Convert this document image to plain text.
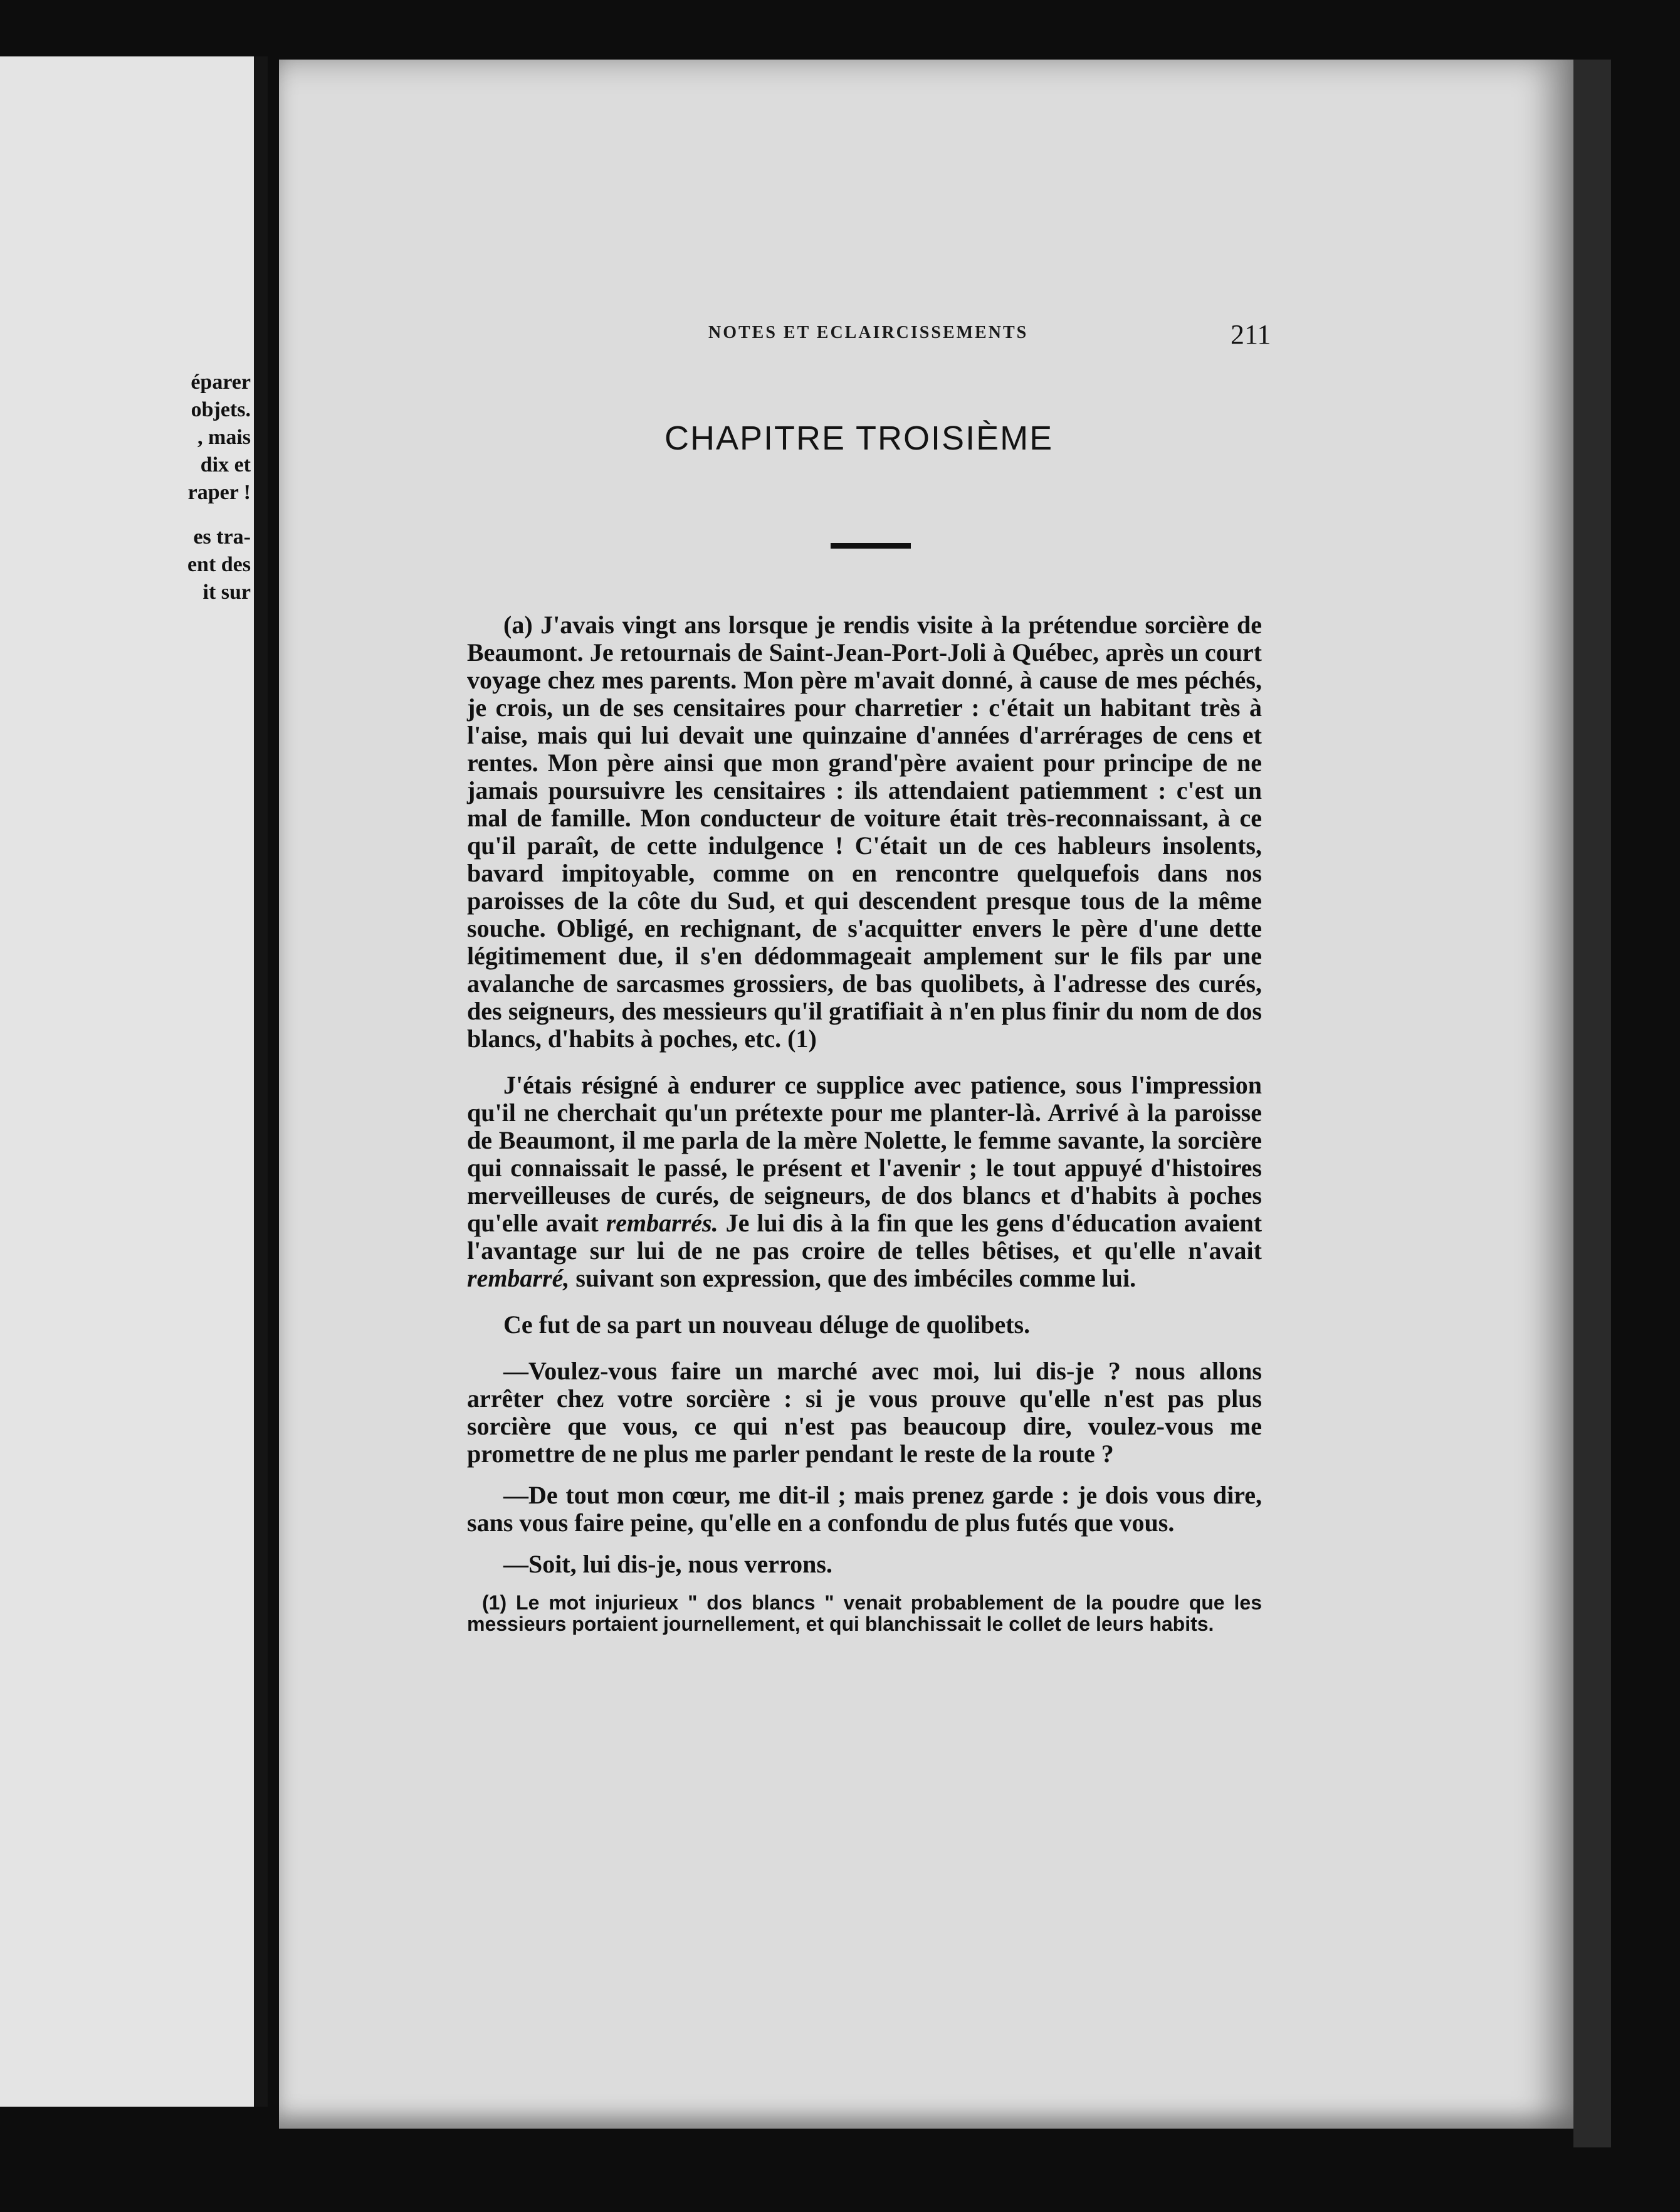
éparer
objets.
, mais
dix et
raper !
es tra-
ent des
it sur
NOTES ET ECLAIRCISSEMENTS	211
CHAPITRE TROISIÈME

(a) J'avais vingt ans lorsque je rendis visite à la prétendue sorcière de Beaumont. Je retournais de Saint-Jean-Port-Joli à Québec, après un court voyage chez mes parents. Mon père m'avait donné, à cause de mes péchés, je crois, un de ses censitaires pour charretier : c'était un habitant très à l'aise, mais qui lui devait une quinzaine d'années d'arrérages de cens et rentes. Mon père ainsi que mon grand'père avaient pour principe de ne jamais poursuivre les censitaires : ils attendaient patiemment : c'est un mal de famille. Mon conducteur de voiture était très-reconnaissant, à ce qu'il paraît, de cette indulgence ! C'était un de ces hableurs insolents, bavard impitoyable, comme on en rencontre quelquefois dans nos paroisses de la côte du Sud, et qui descendent presque tous de la même souche. Obligé, en rechignant, de s'acquitter envers le père d'une dette légitimement due, il s'en dédommageait amplement sur le fils par une avalanche de sarcasmes grossiers, de bas quolibets, à l'adresse des curés, des seigneurs, des messieurs qu'il gratifiait à n'en plus finir du nom de dos blancs, d'habits à poches, etc. (1)

J'étais résigné à endurer ce supplice avec patience, sous l'impression qu'il ne cherchait qu'un prétexte pour me planter-là. Arrivé à la paroisse de Beaumont, il me parla de la mère Nolette, le femme savante, la sorcière qui connaissait le passé, le présent et l'avenir ; le tout appuyé d'histoires merveilleuses de curés, de seigneurs, de dos blancs et d'habits à poches qu'elle avait rembarrés. Je lui dis à la fin que les gens d'éducation avaient l'avantage sur lui de ne pas croire de telles bêtises, et qu'elle n'avait rembarré, suivant son expression, que des imbéciles comme lui.

Ce fut de sa part un nouveau déluge de quolibets.

—Voulez-vous faire un marché avec moi, lui dis-je ? nous allons arrêter chez votre sorcière : si je vous prouve qu'elle n'est pas plus sorcière que vous, ce qui n'est pas beaucoup dire, voulez-vous me promettre de ne plus me parler pendant le reste de la route ?

—De tout mon cœur, me dit-il ; mais prenez garde : je dois vous dire, sans vous faire peine, qu'elle en a confondu de plus futés que vous.

—Soit, lui dis-je, nous verrons.

(1) Le mot injurieux " dos blancs " venait probablement de la poudre que les messieurs portaient journellement, et qui blanchissait le collet de leurs habits.
